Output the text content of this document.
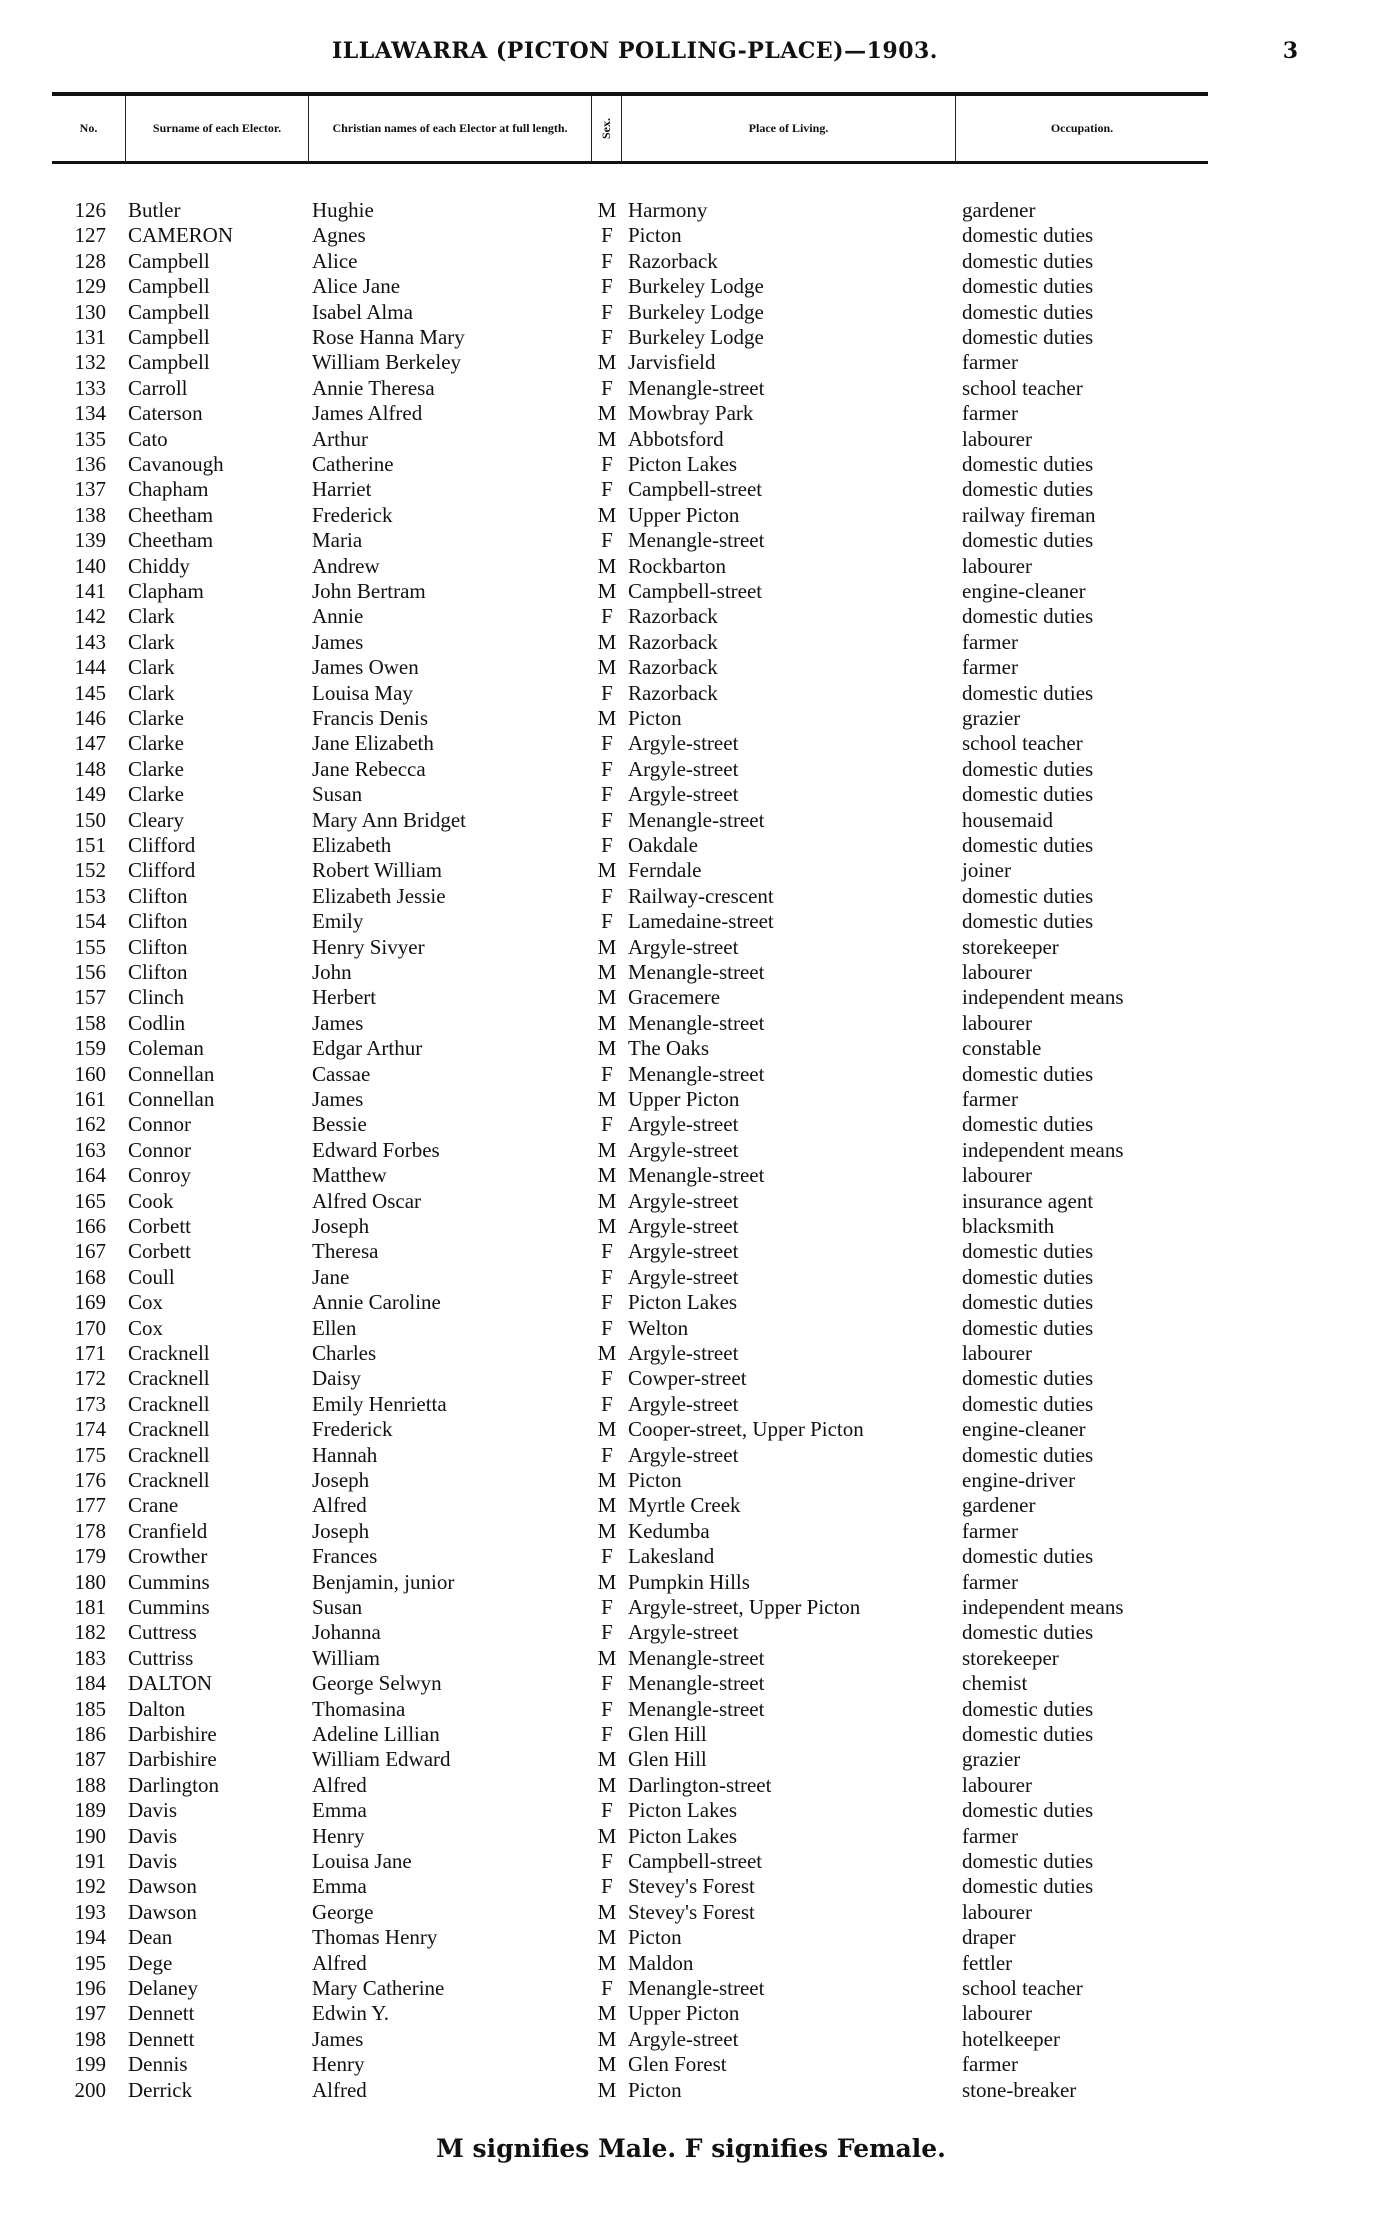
ILLAWARRA (PICTON POLLING-PLACE)—1903.	3
No.	Surname of each Elector.	Christian names of each Elector at full length.	Sex.	Place of Living.	Occupation.
126 Butler	Hughie	M Harmony	gardener
127 CAMERON	Agnes	F Picton	domestic duties
128 Campbell	Alice	F Razorback	domestic duties
129 Campbell	Alice Jane	F Burkeley Lodge	domestic duties
130 Campbell	Isabel Alma	F Burkeley Lodge	domestic duties
131 Campbell	Rose Hanna Mary	F Burkeley Lodge	domestic duties
132 Campbell	William Berkeley	M Jarvisfield	farmer
133 Carroll	Annie Theresa	F Menangle-street	school teacher
134 Caterson	James Alfred	M Mowbray Park	farmer
135 Cato	Arthur	M Abbotsford	labourer
136 Cavanough	Catherine	F Picton Lakes	domestic duties
137 Chapham	Harriet	F Campbell-street	domestic duties
138 Cheetham	Frederick	M Upper Picton	railway fireman
139 Cheetham	Maria	F Menangle-street	domestic duties
140 Chiddy	Andrew	M Rockbarton	labourer
141 Clapham	John Bertram	M Campbell-street	engine-cleaner
142 Clark	Annie	F Razorback	domestic duties
143 Clark	James	M Razorback	farmer
144 Clark	James Owen	M Razorback	farmer
145 Clark	Louisa May	F Razorback	domestic duties
146 Clarke	Francis Denis	M Picton	grazier
147 Clarke	Jane Elizabeth	F Argyle-street	school teacher
148 Clarke	Jane Rebecca	F Argyle-street	domestic duties
149 Clarke	Susan	F Argyle-street	domestic duties
150 Cleary	Mary Ann Bridget	F Menangle-street	housemaid
151 Clifford	Elizabeth	F Oakdale	domestic duties
152 Clifford	Robert William	M Ferndale	joiner
153 Clifton	Elizabeth Jessie	F Railway-crescent	domestic duties
154 Clifton	Emily	F Lamedaine-street	domestic duties
155 Clifton	Henry Sivyer	M Argyle-street	storekeeper
156 Clifton	John	M Menangle-street	labourer
157 Clinch	Herbert	M Gracemere	independent means
158 Codlin	James	M Menangle-street	labourer
159 Coleman	Edgar Arthur	M The Oaks	constable
160 Connellan	Cassae	F Menangle-street	domestic duties
161 Connellan	James	M Upper Picton	farmer
162 Connor	Bessie	F Argyle-street	domestic duties
163 Connor	Edward Forbes	M Argyle-street	independent means
164 Conroy	Matthew	M Menangle-street	labourer
165 Cook	Alfred Oscar	M Argyle-street	insurance agent
166 Corbett	Joseph	M Argyle-street	blacksmith
167 Corbett	Theresa	F Argyle-street	domestic duties
168 Coull	Jane	F Argyle-street	domestic duties
169 Cox	Annie Caroline	F Picton Lakes	domestic duties
170 Cox	Ellen	F Welton	domestic duties
171 Cracknell	Charles	M Argyle-street	labourer
172 Cracknell	Daisy	F Cowper-street	domestic duties
173 Cracknell	Emily Henrietta	F Argyle-street	domestic duties
174 Cracknell	Frederick	M Cooper-street, Upper Picton	engine-cleaner
175 Cracknell	Hannah	F Argyle-street	domestic duties
176 Cracknell	Joseph	M Picton	engine-driver
177 Crane	Alfred	M Myrtle Creek	gardener
178 Cranfield	Joseph	M Kedumba	farmer
179 Crowther	Frances	F Lakesland	domestic duties
180 Cummins	Benjamin, junior	M Pumpkin Hills	farmer
181 Cummins	Susan	F Argyle-street, Upper Picton	independent means
182 Cuttress	Johanna	F Argyle-street	domestic duties
183 Cuttriss	William	M Menangle-street	storekeeper
184 DALTON	George Selwyn	F Menangle-street	chemist
185 Dalton	Thomasina	F Menangle-street	domestic duties
186 Darbishire	Adeline Lillian	F Glen Hill	domestic duties
187 Darbishire	William Edward	M Glen Hill	grazier
188 Darlington	Alfred	M Darlington-street	labourer
189 Davis	Emma	F Picton Lakes	domestic duties
190 Davis	Henry	M Picton Lakes	farmer
191 Davis	Louisa Jane	F Campbell-street	domestic duties
192 Dawson	Emma	F Stevey's Forest	domestic duties
193 Dawson	George	M Stevey's Forest	labourer
194 Dean	Thomas Henry	M Picton	draper
195 Dege	Alfred	M Maldon	fettler
196 Delaney	Mary Catherine	F Menangle-street	school teacher
197 Dennett	Edwin Y.	M Upper Picton	labourer
198 Dennett	James	M Argyle-street	hotelkeeper
199 Dennis	Henry	M Glen Forest	farmer
200 Derrick	Alfred	M Picton	stone-breaker
M signifies Male. F signifies Female.
